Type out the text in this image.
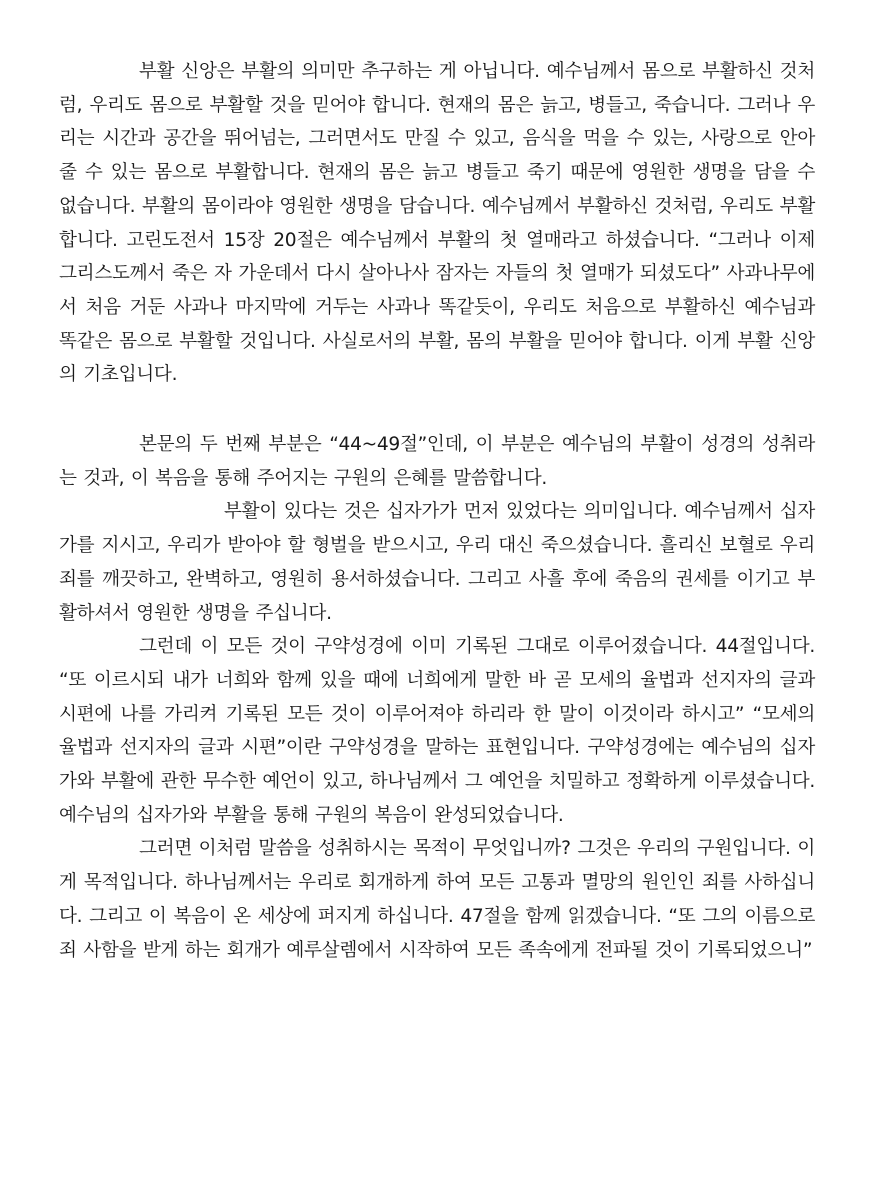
부활 신앙은 부활의 의미만 추구하는 게 아닙니다. 예수님께서 몸으로 부활하신 것처럼, 우리도 몸으로 부활할 것을 믿어야 합니다. 현재의 몸은 늙고, 병들고, 죽습니다. 그러나 우리는 시간과 공간을 뛰어넘는, 그러면서도 만질 수 있고, 음식을 먹을 수 있는, 사랑으로 안아줄 수 있는 몸으로 부활합니다. 현재의 몸은 늙고 병들고 죽기 때문에 영원한 생명을 담을 수 없습니다. 부활의 몸이라야 영원한 생명을 담습니다. 예수님께서 부활하신 것처럼, 우리도 부활합니다. 고린도전서 15장 20절은 예수님께서 부활의 첫 열매라고 하셨습니다. “그러나 이제 그리스도께서 죽은 자 가운데서 다시 살아나사 잠자는 자들의 첫 열매가 되셨도다” 사과나무에서 처음 거둔 사과나 마지막에 거두는 사과나 똑같듯이, 우리도 처음으로 부활하신 예수님과 똑같은 몸으로 부활할 것입니다. 사실로서의 부활, 몸의 부활을 믿어야 합니다. 이게 부활 신앙의 기초입니다.

본문의 두 번째 부분은 “44~49절”인데, 이 부분은 예수님의 부활이 성경의 성취라는 것과, 이 복음을 통해 주어지는 구원의 은혜를 말씀합니다.

부활이 있다는 것은 십자가가 먼저 있었다는 의미입니다. 예수님께서 십자가를 지시고, 우리가 받아야 할 형벌을 받으시고, 우리 대신 죽으셨습니다. 흘리신 보혈로 우리 죄를 깨끗하고, 완벽하고, 영원히 용서하셨습니다. 그리고 사흘 후에 죽음의 권세를 이기고 부활하셔서 영원한 생명을 주십니다.

그런데 이 모든 것이 구약성경에 이미 기록된 그대로 이루어졌습니다. 44절입니다. “또 이르시되 내가 너희와 함께 있을 때에 너희에게 말한 바 곧 모세의 율법과 선지자의 글과 시편에 나를 가리켜 기록된 모든 것이 이루어져야 하리라 한 말이 이것이라 하시고” “모세의 율법과 선지자의 글과 시편”이란 구약성경을 말하는 표현입니다. 구약성경에는 예수님의 십자가와 부활에 관한 무수한 예언이 있고, 하나님께서 그 예언을 치밀하고 정확하게 이루셨습니다. 예수님의 십자가와 부활을 통해 구원의 복음이 완성되었습니다.

그러면 이처럼 말씀을 성취하시는 목적이 무엇입니까? 그것은 우리의 구원입니다. 이게 목적입니다. 하나님께서는 우리로 회개하게 하여 모든 고통과 멸망의 원인인 죄를 사하십니다. 그리고 이 복음이 온 세상에 퍼지게 하십니다. 47절을 함께 읽겠습니다. “또 그의 이름으로 죄 사함을 받게 하는 회개가 예루살렘에서 시작하여 모든 족속에게 전파될 것이 기록되었으니”
